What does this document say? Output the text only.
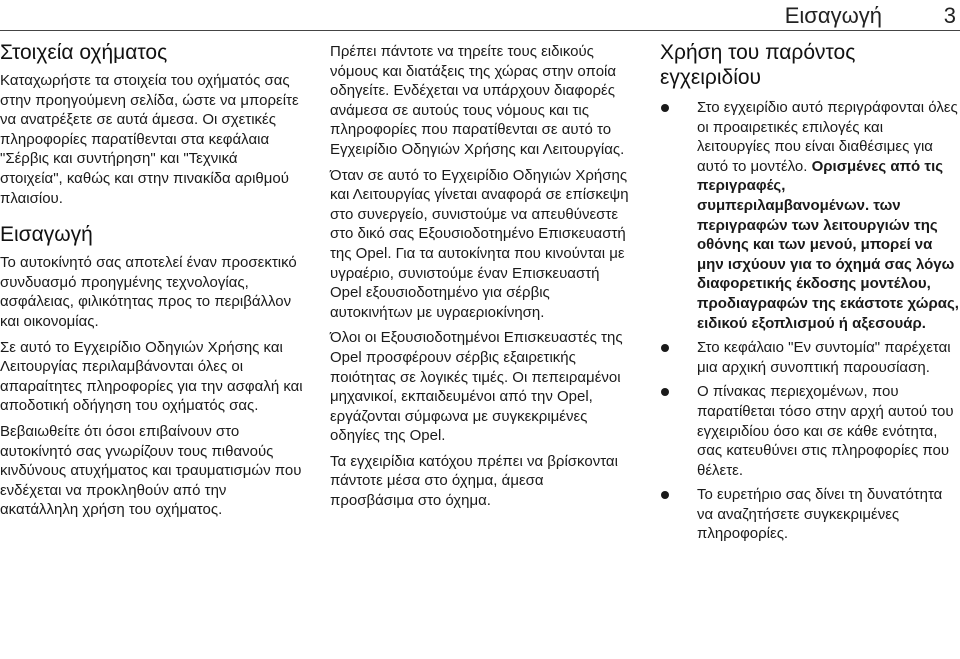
Εισαγωγή	3
Στοιχεία οχήματος

Καταχωρήστε τα στοιχεία του οχήματός σας στην προηγούμενη σελίδα, ώστε να μπορείτε να ανατρέξετε σε αυτά άμεσα. Οι σχετικές πληροφορίες παρατίθενται στα κεφάλαια "Σέρβις και συντήρηση" και "Τεχνικά στοιχεία", καθώς και στην πινακίδα αριθμού πλαισίου.

Εισαγωγή

Το αυτοκίνητό σας αποτελεί έναν προσεκτικό συνδυασμό προηγμένης τεχνολογίας, ασφάλειας, φιλικότητας προς το περιβάλλον και οικονομίας.

Σε αυτό το Εγχειρίδιο Οδηγιών Χρήσης και Λειτουργίας περιλαμβάνονται όλες οι απαραίτητες πληροφορίες για την ασφαλή και αποδοτική οδήγηση του οχήματός σας.

Βεβαιωθείτε ότι όσοι επιβαίνουν στο αυτοκίνητό σας γνωρίζουν τους πιθανούς κινδύνους ατυχήματος και τραυματισμών που ενδέχεται να προκληθούν από την ακατάλληλη χρήση του οχήματος.

Πρέπει πάντοτε να τηρείτε τους ειδικούς νόμους και διατάξεις της χώρας στην οποία οδηγείτε. Ενδέχεται να υπάρχουν διαφορές ανάμεσα σε αυτούς τους νόμους και τις πληροφορίες που παρατίθενται σε αυτό το Εγχειρίδιο Οδηγιών Χρήσης και Λειτουργίας.

Όταν σε αυτό το Εγχειρίδιο Οδηγιών Χρήσης και Λειτουργίας γίνεται αναφορά σε επίσκεψη στο συνεργείο, συνιστούμε να απευθύνεστε στο δικό σας Εξουσιοδοτημένο Επισκευαστή της Opel. Για τα αυτοκίνητα που κινούνται με υγραέριο, συνιστούμε έναν Επισκευαστή Opel εξουσιοδοτημένο για σέρβις αυτοκινήτων με υγραεριοκίνηση.

Όλοι οι Εξουσιοδοτημένοι Επισκευαστές της Opel προσφέρουν σέρβις εξαιρετικής ποιότητας σε λογικές τιμές. Οι πεπειραμένοι μηχανικοί, εκπαιδευμένοι από την Opel, εργάζονται σύμφωνα με συγκεκριμένες οδηγίες της Opel.

Τα εγχειρίδια κατόχου πρέπει να βρίσκονται πάντοτε μέσα στο όχημα, άμεσα προσβάσιμα στο όχημα.

Χρήση του παρόντος εγχειριδίου
Στο εγχειρίδιο αυτό περιγράφονται όλες οι προαιρετικές επιλογές και λειτουργίες που είναι διαθέσιμες για αυτό το μοντέλο. Ορισμένες από τις περιγραφές, συμπεριλαμβανομένων. των περιγραφών των λειτουργιών της οθόνης και των μενού, μπορεί να μην ισχύουν για το όχημά σας λόγω διαφορετικής έκδοσης μοντέλου, προδιαγραφών της εκάστοτε χώρας, ειδικού εξοπλισμού ή αξεσουάρ.
Στο κεφάλαιο "Εν συντομία" παρέχεται μια αρχική συνοπτική παρουσίαση.
Ο πίνακας περιεχομένων, που παρατίθεται τόσο στην αρχή αυτού του εγχειριδίου όσο και σε κάθε ενότητα, σας κατευθύνει στις πληροφορίες που θέλετε.
Το ευρετήριο σας δίνει τη δυνατότητα να αναζητήσετε συγκεκριμένες πληροφορίες.
